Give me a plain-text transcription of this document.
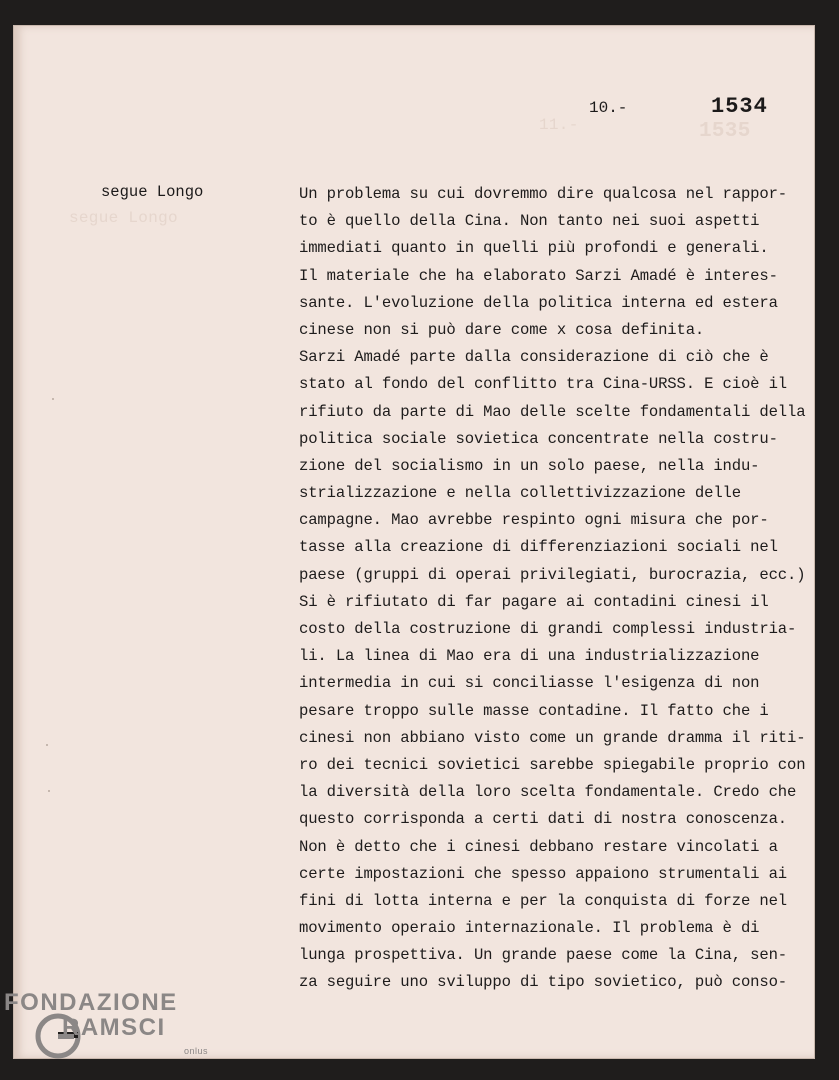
11.-	1535
segue Longo
10.-	1534
segue Longo	Un problema su cui dovremmo dire qualcosa nel rappor-
to è quello della Cina. Non tanto nei suoi aspetti
immediati quanto in quelli più profondi e generali.
Il materiale che ha elaborato Sarzi Amadé è interes-
sante. L'evoluzione della politica interna ed estera
cinese non si può dare come x cosa definita.
Sarzi Amadé parte dalla considerazione di ciò che è
stato al fondo del conflitto tra Cina-URSS. E cioè il
rifiuto da parte di Mao delle scelte fondamentali della
politica sociale sovietica concentrate nella costru-
zione del socialismo in un solo paese, nella indu-
strializzazione e nella collettivizzazione delle
campagne. Mao avrebbe respinto ogni misura che por-
tasse alla creazione di differenziazioni sociali nel
paese (gruppi di operai privilegiati, burocrazia, ecc.)
Si è rifiutato di far pagare ai contadini cinesi il
costo della costruzione di grandi complessi industria-
li. La linea di Mao era di una industrializzazione
intermedia in cui si conciliasse l'esigenza di non
pesare troppo sulle masse contadine. Il fatto che i
cinesi non abbiano visto come un grande dramma il riti-
ro dei tecnici sovietici sarebbe spiegabile proprio con
la diversità della loro scelta fondamentale. Credo che
questo corrisponda a certi dati di nostra conoscenza.
Non è detto che i cinesi debbano restare vincolati a
certe impostazioni che spesso appaiono strumentali ai
fini di lotta interna e per la conquista di forze nel
movimento operaio internazionale. Il problema è di
lunga prospettiva. Un grande paese come la Cina, sen-
za seguire uno sviluppo di tipo sovietico, può conso-
FONDAZIONE
RAMSCI
onlus
